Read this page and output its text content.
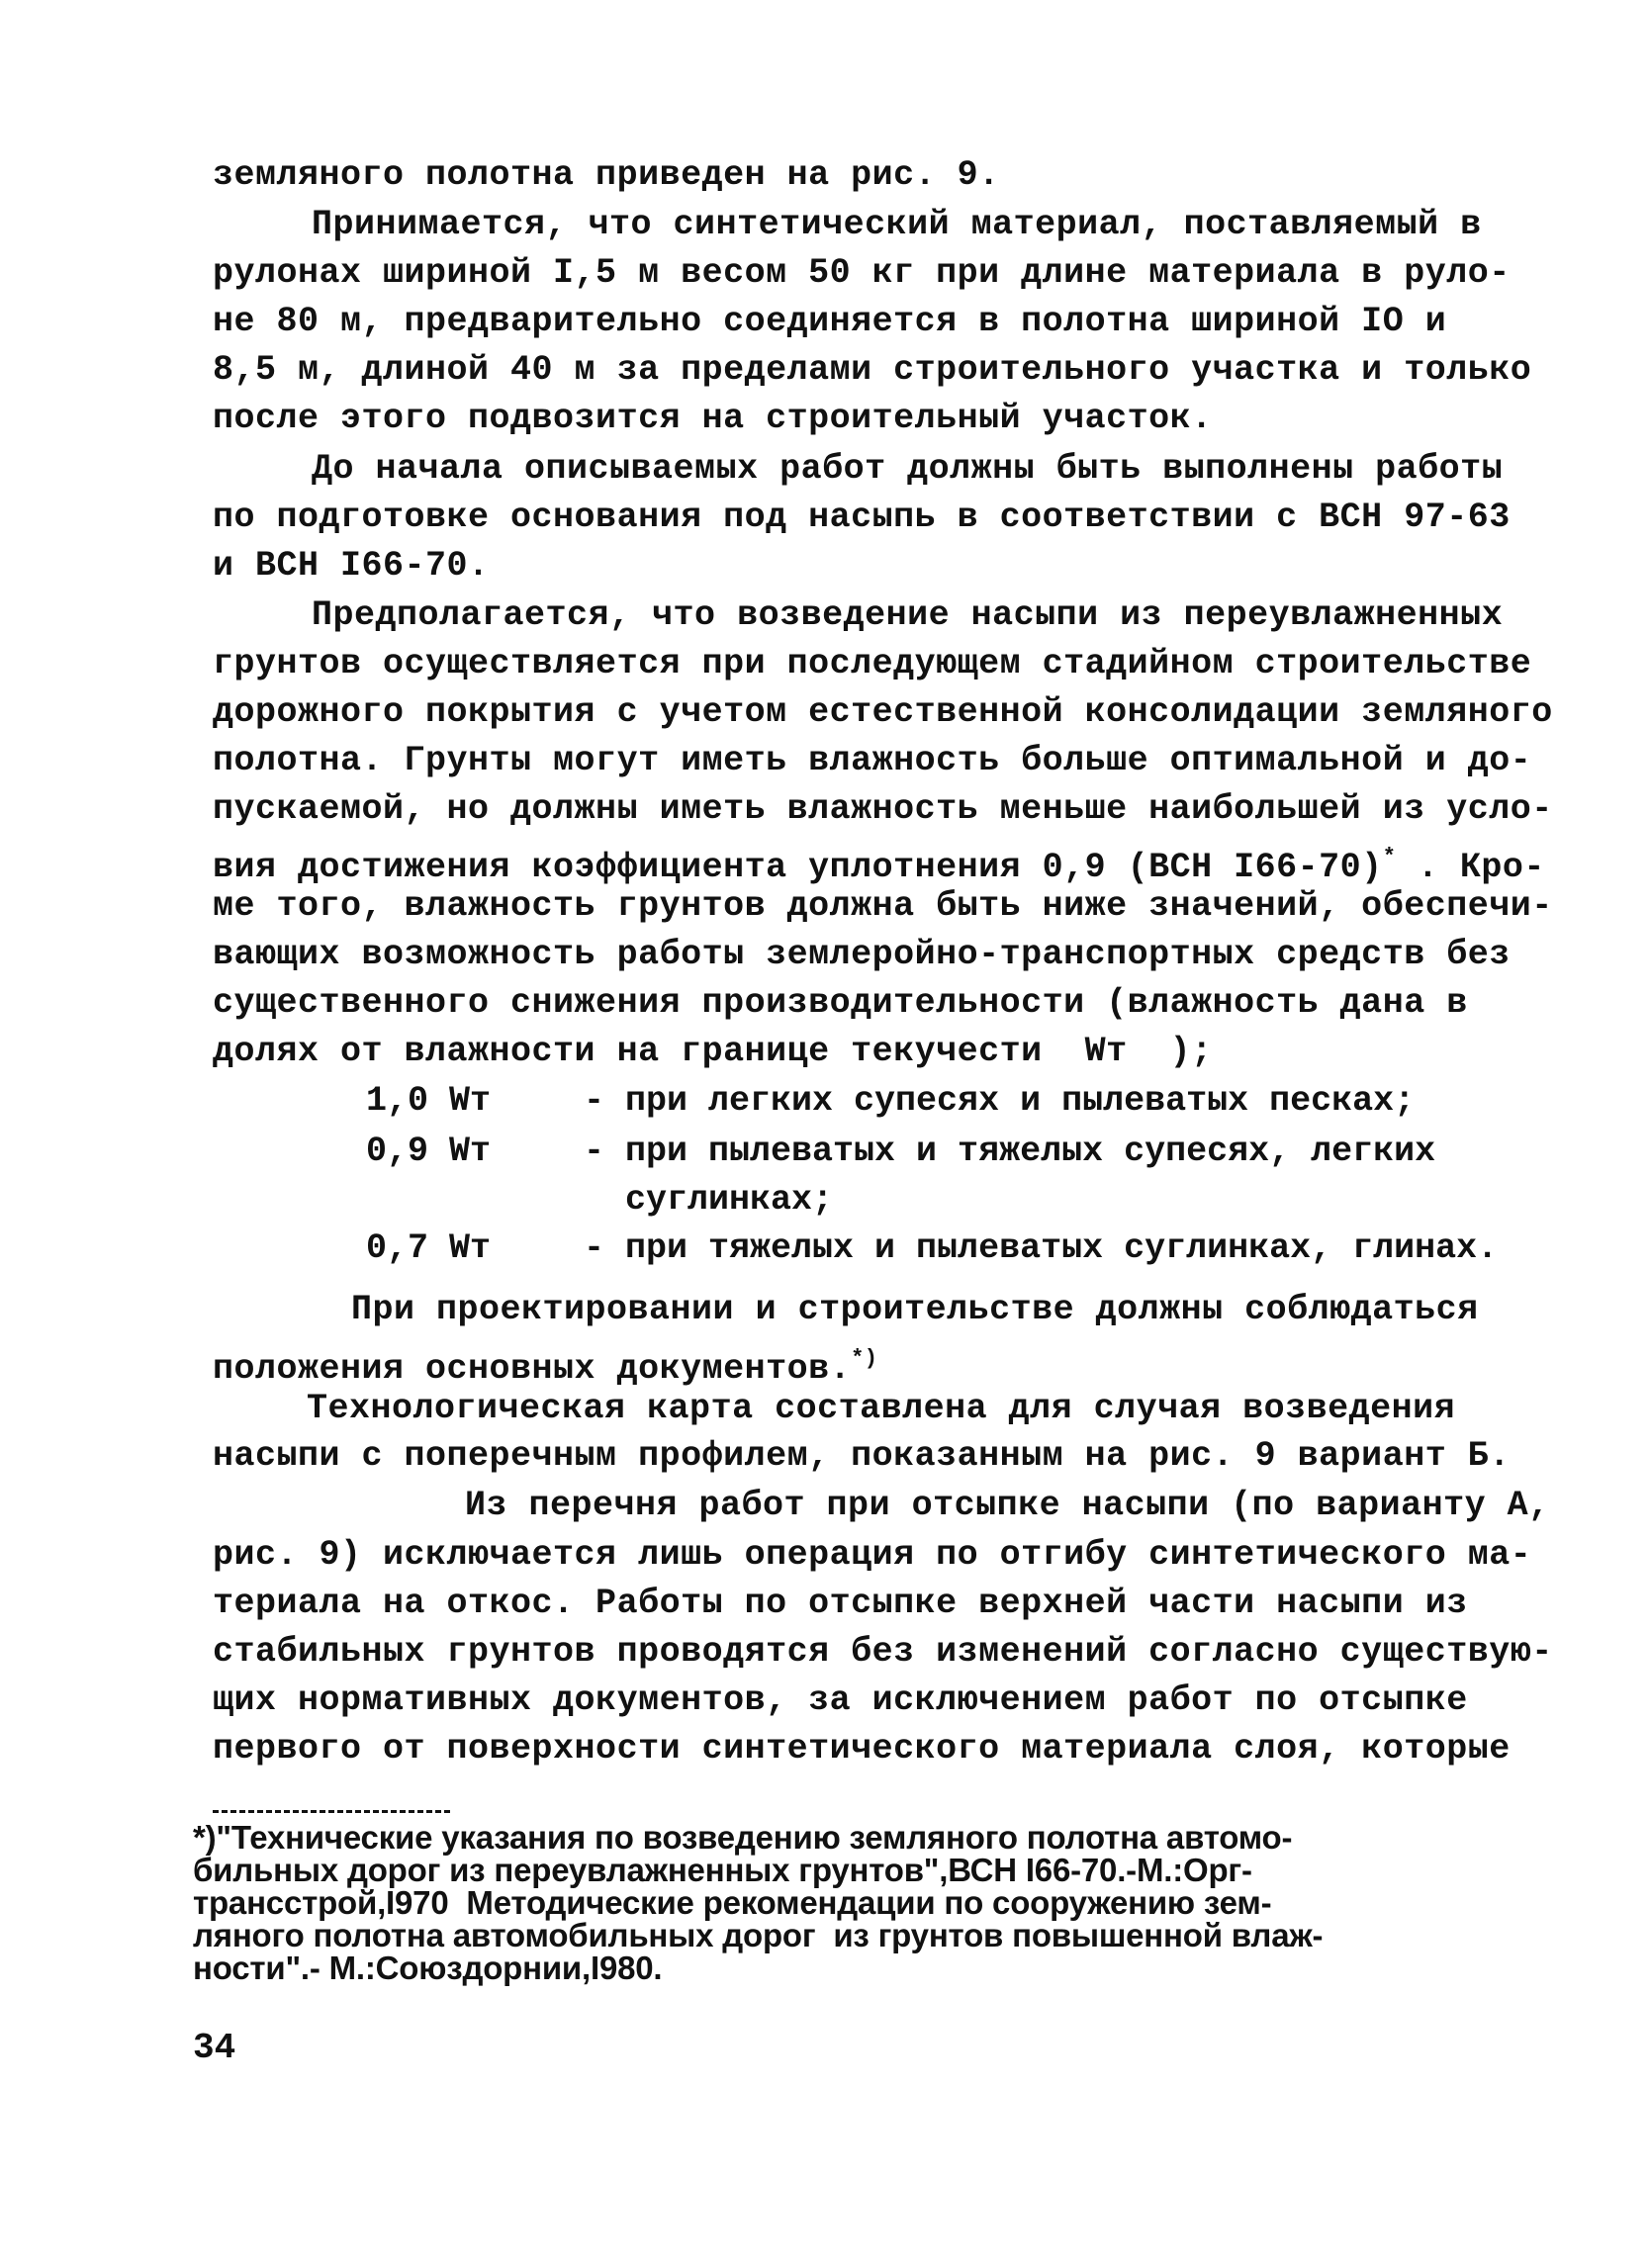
земляного полотна приведен на рис. 9.
Принимается, что синтетический материал, поставляемый в
рулонах шириной I,5 м весом 50 кг при длине материала в руло-
не 80 м, предварительно соединяется в полотна шириной IO и
8,5 м, длиной 40 м за пределами строительного участка и только
после этого подвозится на строительный участок.
До начала описываемых работ должны быть выполнены работы
по подготовке основания под насыпь в соответствии с ВСН 97-63
и ВСН I66-70.
Предполагается, что возведение насыпи из переувлажненных
грунтов осуществляется при последующем стадийном строительстве
дорожного покрытия с учетом естественной консолидации земляного
полотна. Грунты могут иметь влажность больше оптимальной и до-
пускаемой, но должны иметь влажность меньше наибольшей из усло-
вия достижения коэффициента уплотнения 0,9 (ВСН I66-70)* . Кро-
ме того, влажность грунтов должна быть ниже значений, обеспечи-
вающих возможность работы землеройно-транспортных средств без
существенного снижения производительности (влажность дана в
долях от влажности на границе текучести  Wт  );
1,0 Wт	- при легких супесях и пылеватых песках;
0,9 Wт	- при пылеватых и тяжелых супесях, легких
суглинках;
0,7 Wт	- при тяжелых и пылеватых суглинках, глинах.
При проектировании и строительстве должны соблюдаться
положения основных документов.*)
Технологическая карта составлена для случая возведения
насыпи с поперечным профилем, показанным на рис. 9 вариант Б.
Из перечня работ при отсыпке насыпи (по варианту А,
рис. 9) исключается лишь операция по отгибу синтетического ма-
териала на откос. Работы по отсыпке верхней части насыпи из
стабильных грунтов проводятся без изменений согласно существую-
щих нормативных документов, за исключением работ по отсыпке
первого от поверхности синтетического материала слоя, которые
*)"Технические указания по возведению земляного полотна автомо-
бильных дорог из переувлажненных грунтов",ВСН I66-70.-М.:Орг-
трансстрой,I970  Методические рекомендации по сооружению зем-
ляного полотна автомобильных дорог  из грунтов повышенной влаж-
ности".- М.:Союздорнии,I980.
34
